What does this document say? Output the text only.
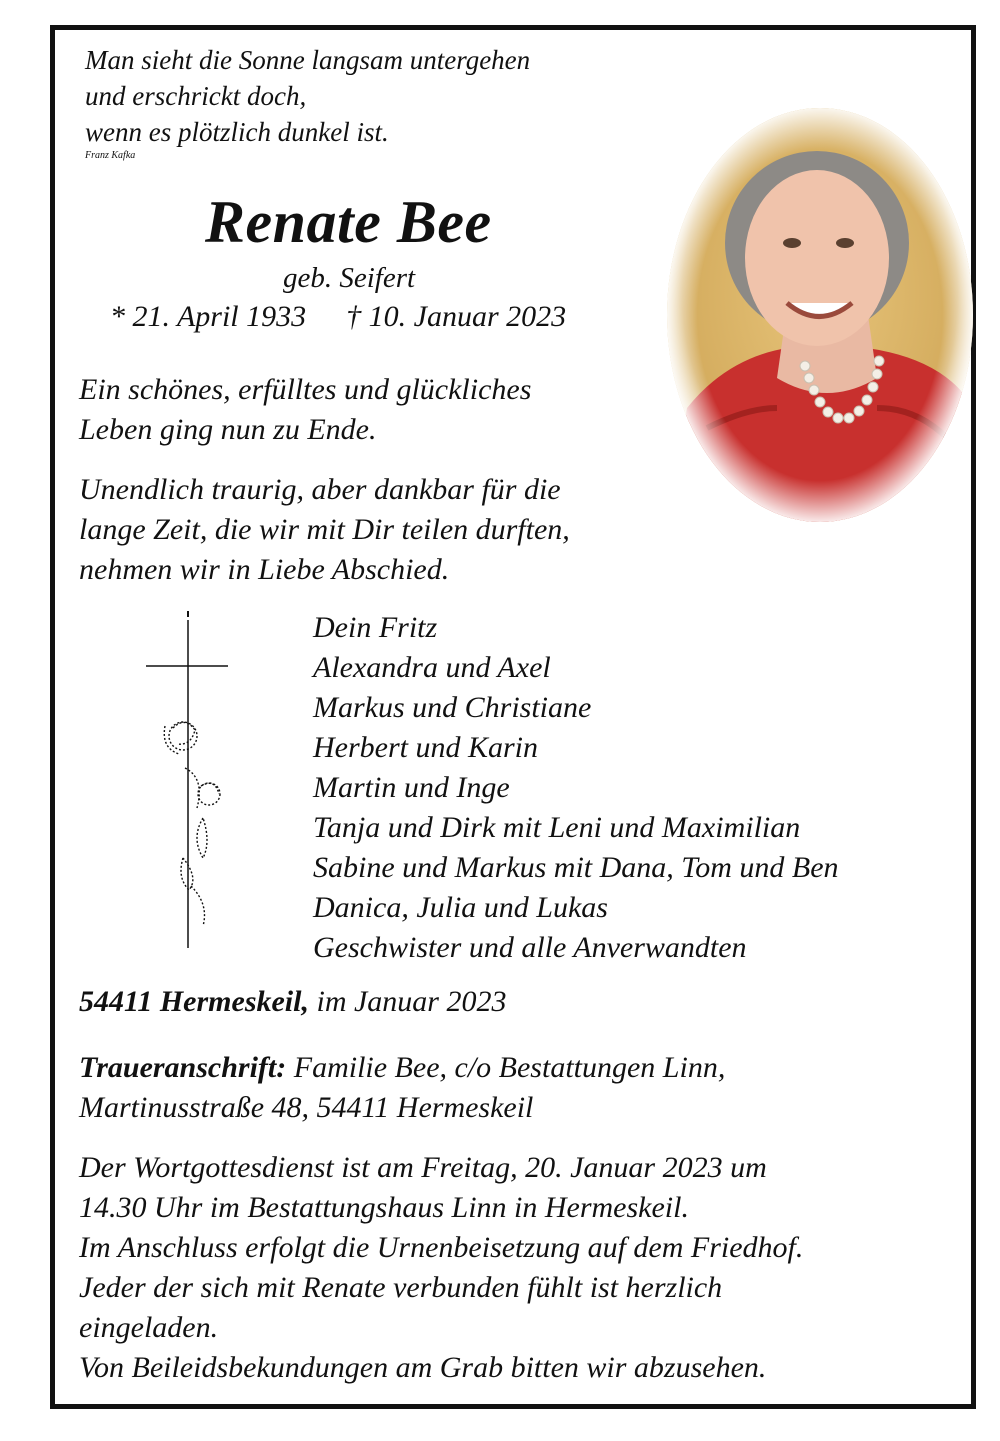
Man sieht die Sonne langsam untergehen
und erschrickt doch,
wenn es plötzlich dunkel ist.
Franz Kafka
Renate Bee
geb. Seifert
* 21. April 1933 † 10. Januar 2023
Ein schönes, erfülltes und glückliches
Leben ging nun zu Ende.
Unendlich traurig, aber dankbar für die
lange Zeit, die wir mit Dir teilen durften,
nehmen wir in Liebe Abschied.
Dein Fritz
Alexandra und Axel
Markus und Christiane
Herbert und Karin
Martin und Inge
Tanja und Dirk mit Leni und Maximilian
Sabine und Markus mit Dana, Tom und Ben
Danica, Julia und Lukas
Geschwister und alle Anverwandten
54411 Hermeskeil, im Januar 2023
Traueranschrift: Familie Bee, c/o Bestattungen Linn,
Martinusstraße 48, 54411 Hermeskeil
Der Wortgottesdienst ist am Freitag, 20. Januar 2023 um
14.30 Uhr im Bestattungshaus Linn in Hermeskeil.
Im Anschluss erfolgt die Urnenbeisetzung auf dem Friedhof.
Jeder der sich mit Renate verbunden fühlt ist herzlich
eingeladen.
Von Beileidsbekundungen am Grab bitten wir abzusehen.
